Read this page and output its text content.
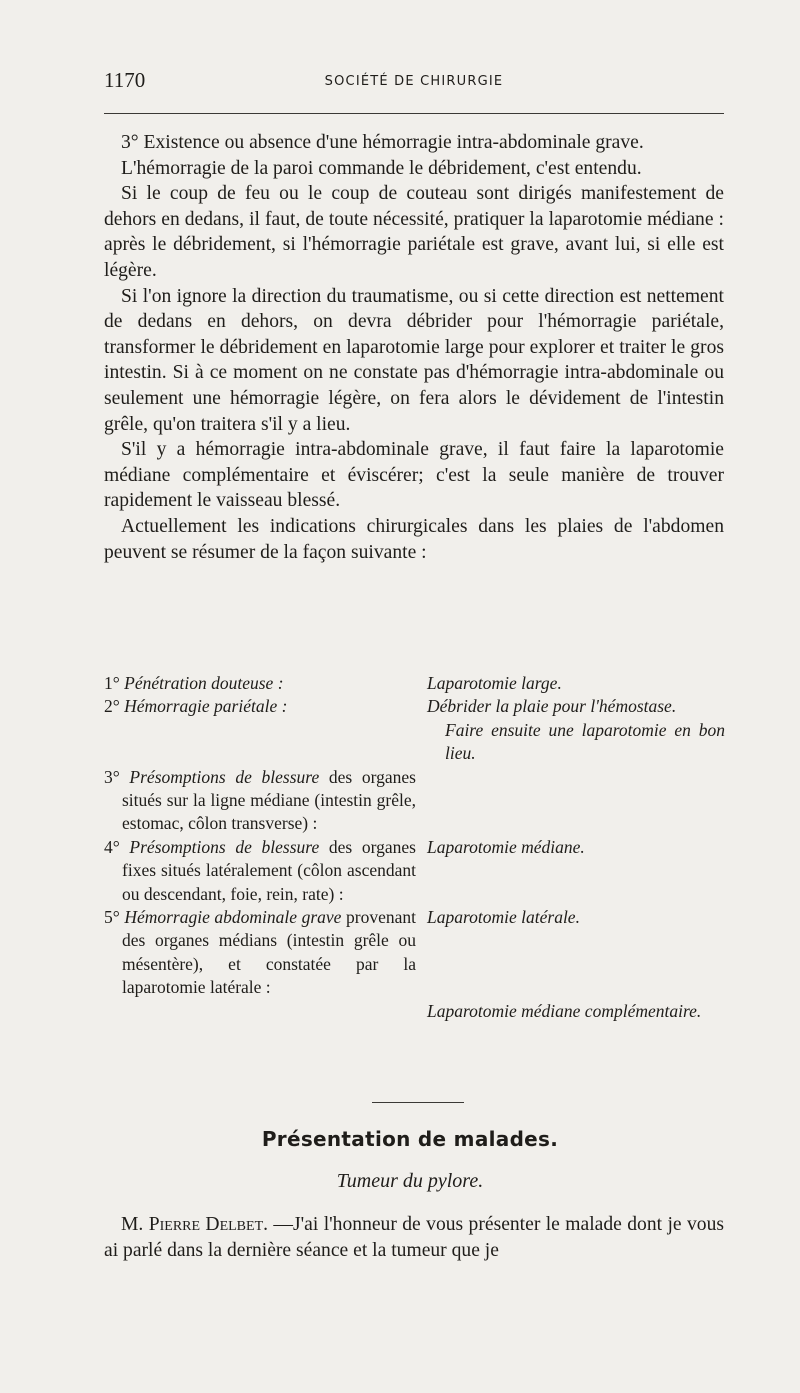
1170	SOCIÉTÉ DE CHIRURGIE

3° Existence ou absence d'une hémorragie intra-abdominale grave.

L'hémorragie de la paroi commande le débridement, c'est entendu.

Si le coup de feu ou le coup de couteau sont dirigés manifestement de dehors en dedans, il faut, de toute nécessité, pratiquer la laparotomie médiane : après le débridement, si l'hémorragie pariétale est grave, avant lui, si elle est légère.

Si l'on ignore la direction du traumatisme, ou si cette direction est nettement de dedans en dehors, on devra débrider pour l'hémorragie pariétale, transformer le débridement en laparotomie large pour explorer et traiter le gros intestin. Si à ce moment on ne constate pas d'hémorragie intra-abdominale ou seulement une hémorragie légère, on fera alors le dévidement de l'intestin grêle, qu'on traitera s'il y a lieu.

S'il y a hémorragie intra-abdominale grave, il faut faire la laparotomie médiane complémentaire et éviscérer; c'est la seule manière de trouver rapidement le vaisseau blessé.

Actuellement les indications chirurgicales dans les plaies de l'abdomen peuvent se résumer de la façon suivante :

Laparotomie large.
1° Pénétration douteuse :
Débrider la plaie pour l'hémostase.
Faire ensuite une laparotomie en bon lieu.
2° Hémorragie pariétale :
3° Présomptions de blessure des organes situés sur la ligne médiane (intestin grêle, estomac, côlon transverse) :
Laparotomie médiane.
4° Présomptions de blessure des organes fixes situés latéralement (côlon ascendant ou descendant, foie, rein, rate) :
Laparotomie latérale.
5° Hémorragie abdominale grave provenant des organes médians (intestin grêle ou mésentère), et constatée par la laparotomie latérale :
Laparotomie médiane complémentaire.
Présentation de malades.
Tumeur du pylore.

M. Pierre Delbet. —J'ai l'honneur de vous présenter le malade dont je vous ai parlé dans la dernière séance et la tumeur que je
